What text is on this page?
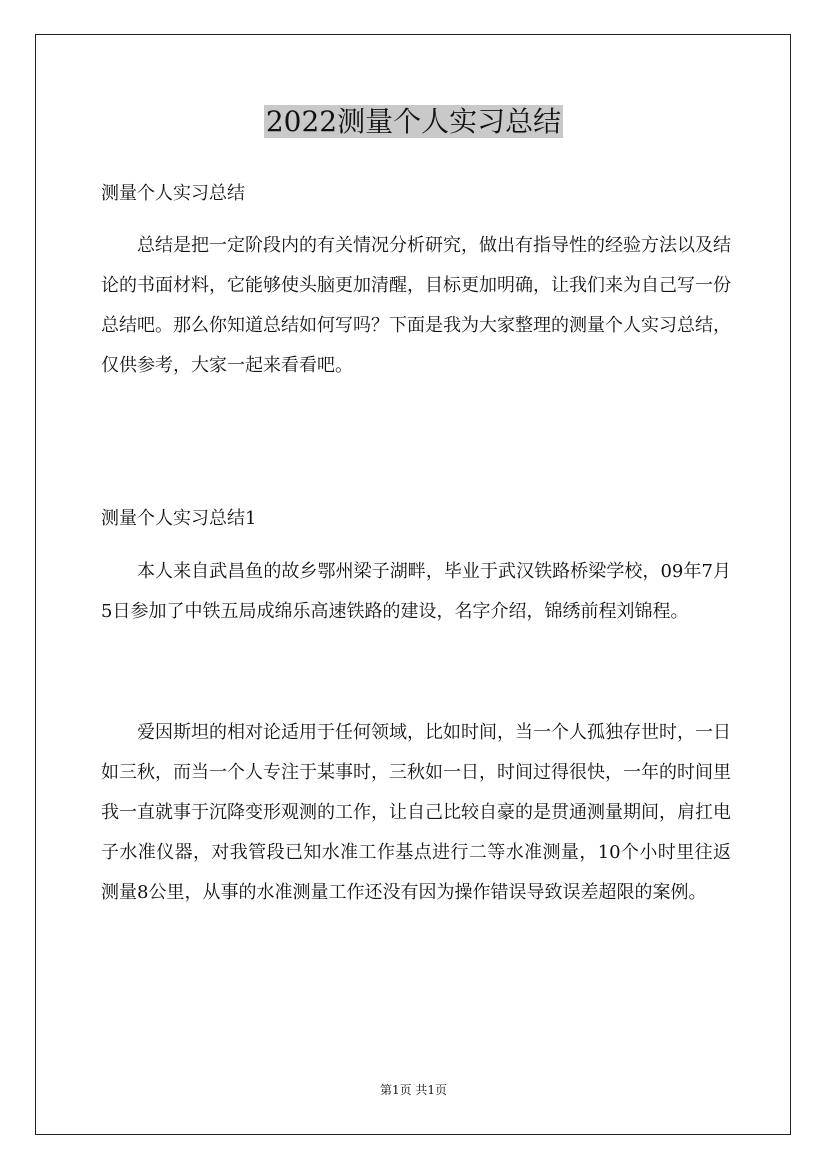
2022测量个人实习总结

测量个人实习总结

总结是把一定阶段内的有关情况分析研究，做出有指导性的经验方法以及结论的书面材料，它能够使头脑更加清醒，目标更加明确，让我们来为自己写一份总结吧。那么你知道总结如何写吗？下面是我为大家整理的测量个人实习总结，仅供参考，大家一起来看看吧。

测量个人实习总结1

本人来自武昌鱼的故乡鄂州梁子湖畔，毕业于武汉铁路桥梁学校，09年7月5日参加了中铁五局成绵乐高速铁路的建设，名字介绍，锦绣前程刘锦程。

爱因斯坦的相对论适用于任何领域，比如时间，当一个人孤独存世时，一日如三秋，而当一个人专注于某事时，三秋如一日，时间过得很快，一年的时间里我一直就事于沉降变形观测的工作，让自己比较自豪的是贯通测量期间，肩扛电子水准仪器，对我管段已知水准工作基点进行二等水准测量，10个小时里往返测量8公里，从事的水准测量工作还没有因为操作错误导致误差超限的案例。

第1页 共1页
